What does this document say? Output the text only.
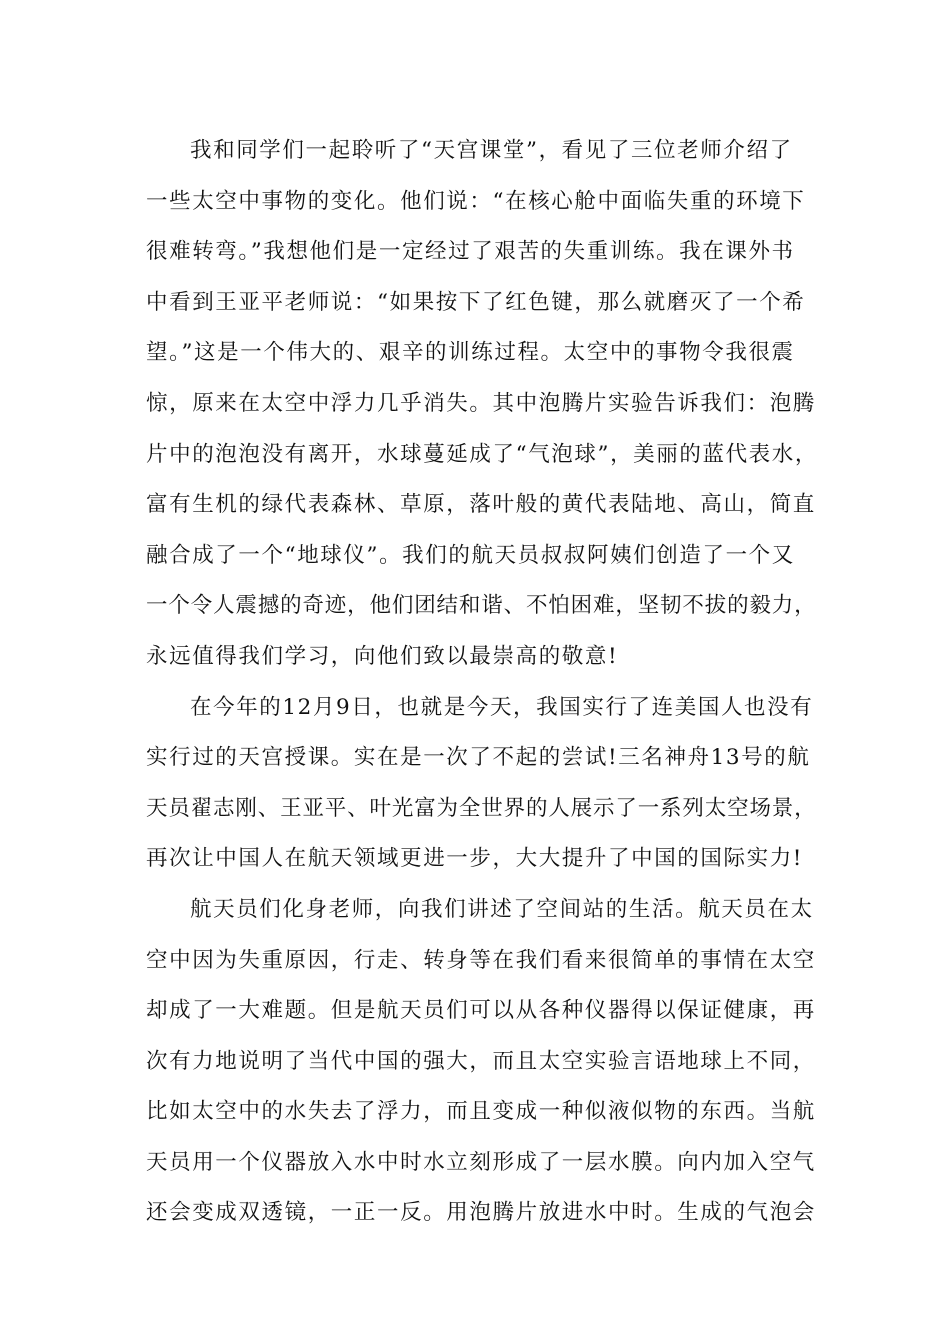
我和同学们一起聆听了“天宫课堂”，看见了三位老师介绍了
一些太空中事物的变化。他们说：“在核心舱中面临失重的环境下
很难转弯。”我想他们是一定经过了艰苦的失重训练。我在课外书
中看到王亚平老师说：“如果按下了红色键，那么就磨灭了一个希
望。”这是一个伟大的、艰辛的训练过程。太空中的事物令我很震
惊，原来在太空中浮力几乎消失。其中泡腾片实验告诉我们：泡腾
片中的泡泡没有离开，水球蔓延成了“气泡球”，美丽的蓝代表水，
富有生机的绿代表森林、草原，落叶般的黄代表陆地、高山，简直
融合成了一个“地球仪”。我们的航天员叔叔阿姨们创造了一个又
一个令人震撼的奇迹，他们团结和谐、不怕困难，坚韧不拔的毅力，
永远值得我们学习，向他们致以最崇高的敬意!
在今年的12月9日，也就是今天，我国实行了连美国人也没有
实行过的天宫授课。实在是一次了不起的尝试!三名神舟13号的航
天员翟志刚、王亚平、叶光富为全世界的人展示了一系列太空场景，
再次让中国人在航天领域更进一步，大大提升了中国的国际实力!
航天员们化身老师，向我们讲述了空间站的生活。航天员在太
空中因为失重原因，行走、转身等在我们看来很简单的事情在太空
却成了一大难题。但是航天员们可以从各种仪器得以保证健康，再
次有力地说明了当代中国的强大，而且太空实验言语地球上不同，
比如太空中的水失去了浮力，而且变成一种似液似物的东西。当航
天员用一个仪器放入水中时水立刻形成了一层水膜。向内加入空气
还会变成双透镜，一正一反。用泡腾片放进水中时。生成的气泡会
